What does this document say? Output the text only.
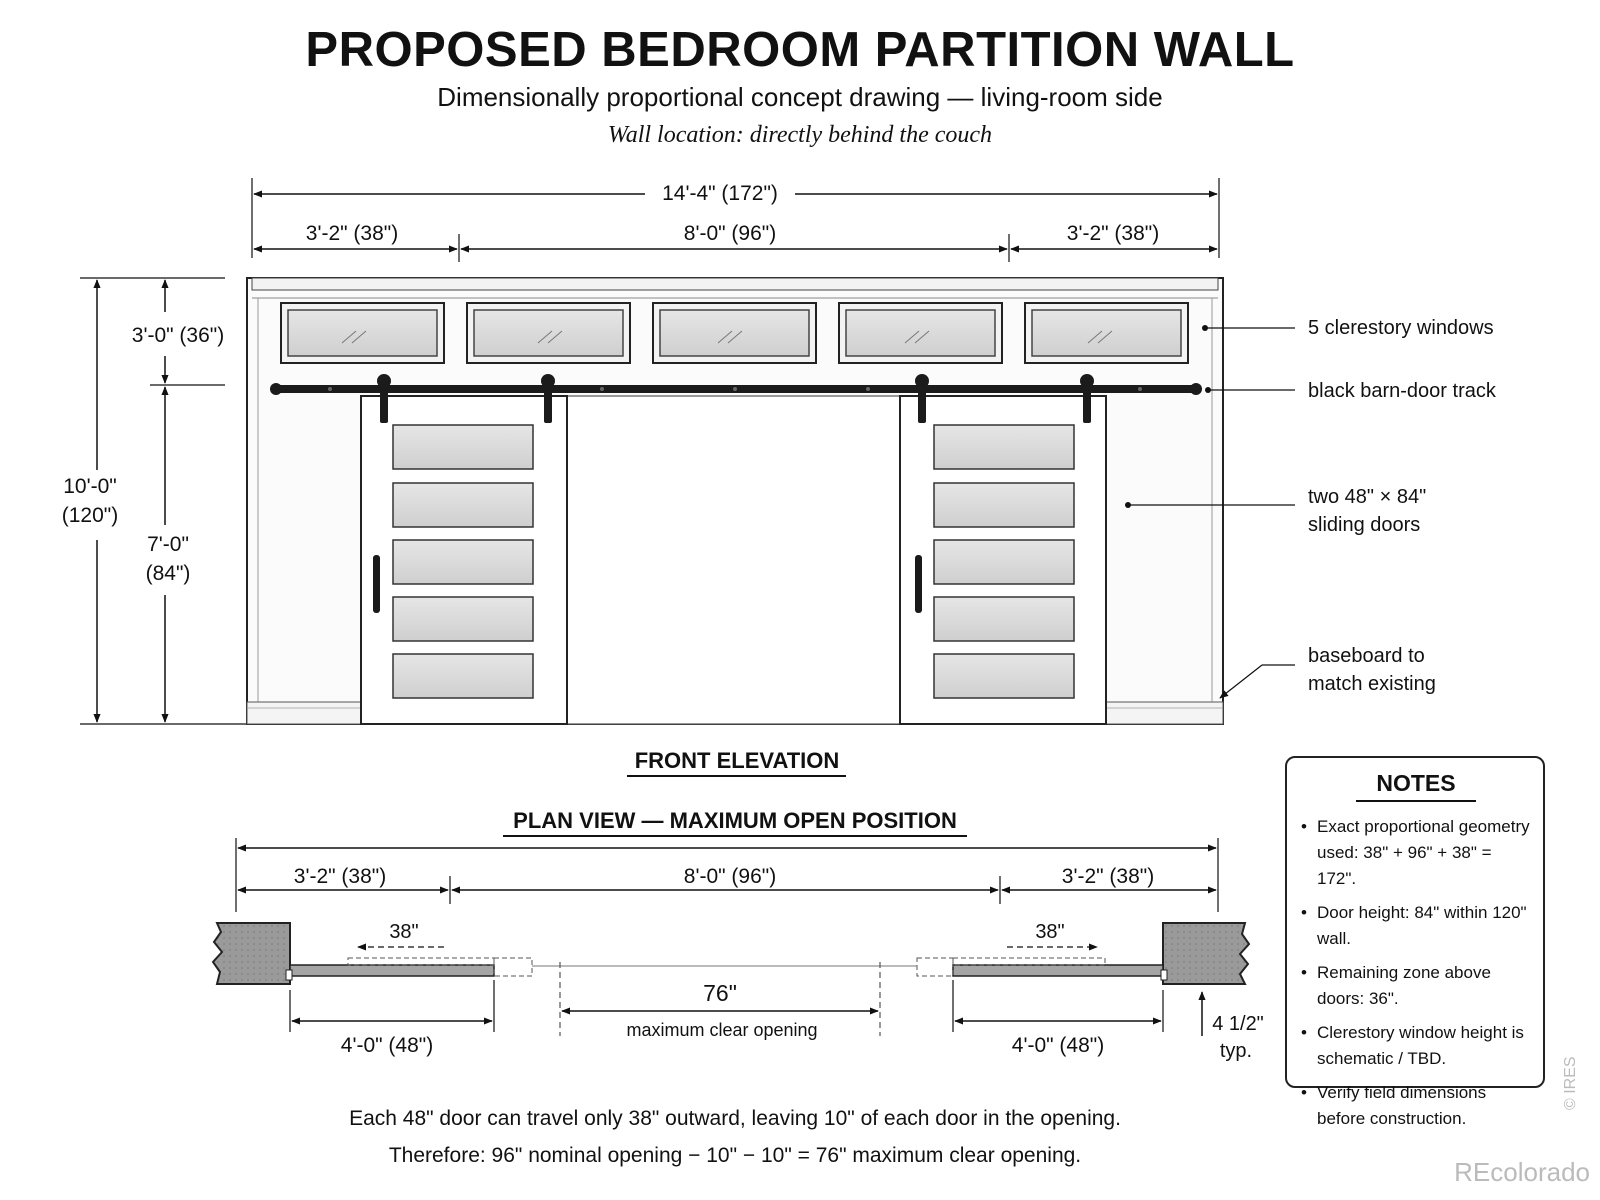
PROPOSED BEDROOM PARTITION WALL
Dimensionally proportional concept drawing — living-room side
Wall location: directly behind the couch
14'-4" (172")
3'-2" (38")	8'-0" (96")	3'-2" (38")
10'-0"
(120")
3'-0" (36")
7'-0"
(84")
5 clerestory windows
black barn-door track
two 48" × 84"
sliding doors
baseboard to
match existing
FRONT ELEVATION
PLAN VIEW — MAXIMUM OPEN POSITION
3'-2" (38")	8'-0" (96")	3'-2" (38")
38"	38"
76"
maximum clear opening
4'-0" (48")	4'-0" (48")
4 1/2"
typ.
NOTES
• Exact proportional geometry used: 38" + 96" + 38" = 172".
• Door height: 84" within 120" wall.
• Remaining zone above doors: 36".
• Clerestory window height is schematic / TBD.
• Verify field dimensions before construction.
Each 48" door can travel only 38" outward, leaving 10" of each door in the opening.
Therefore: 96" nominal opening − 10" − 10" = 76" maximum clear opening.
REcolorado
© IRES
